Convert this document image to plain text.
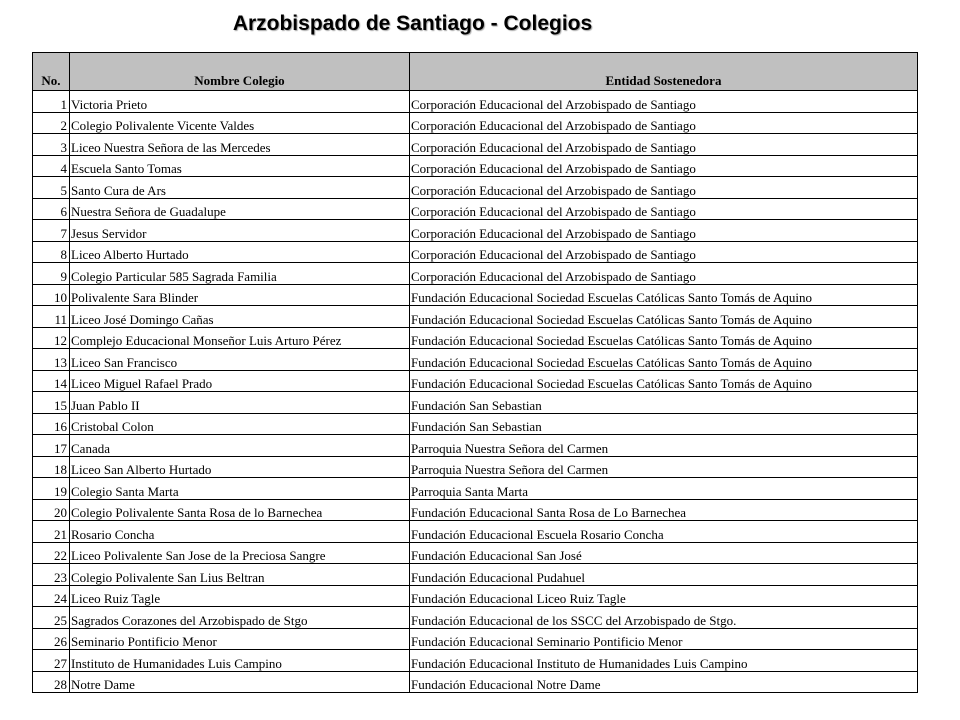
Arzobispado de Santiago - Colegios
No.	Nombre Colegio	Entidad Sostenedora
1	Victoria Prieto	Corporación Educacional del Arzobispado de Santiago
2	Colegio Polivalente Vicente Valdes	Corporación Educacional del Arzobispado de Santiago
3	Liceo Nuestra Señora de las Mercedes	Corporación Educacional del Arzobispado de Santiago
4	Escuela Santo Tomas	Corporación Educacional del Arzobispado de Santiago
5	Santo Cura de Ars	Corporación Educacional del Arzobispado de Santiago
6	Nuestra Señora de Guadalupe	Corporación Educacional del Arzobispado de Santiago
7	Jesus Servidor	Corporación Educacional del Arzobispado de Santiago
8	Liceo Alberto Hurtado	Corporación Educacional del Arzobispado de Santiago
9	Colegio Particular 585 Sagrada Familia	Corporación Educacional del Arzobispado de Santiago
10	Polivalente Sara Blinder	Fundación Educacional Sociedad Escuelas Católicas Santo Tomás de Aquino
11	Liceo José Domingo Cañas	Fundación Educacional Sociedad Escuelas Católicas Santo Tomás de Aquino
12	Complejo Educacional Monseñor Luis Arturo Pérez	Fundación Educacional Sociedad Escuelas Católicas Santo Tomás de Aquino
13	Liceo San Francisco	Fundación Educacional Sociedad Escuelas Católicas Santo Tomás de Aquino
14	Liceo Miguel Rafael Prado	Fundación Educacional Sociedad Escuelas Católicas Santo Tomás de Aquino
15	Juan Pablo II	Fundación San Sebastian
16	Cristobal Colon	Fundación San Sebastian
17	Canada	Parroquia Nuestra Señora del Carmen
18	Liceo San Alberto Hurtado	Parroquia Nuestra Señora del Carmen
19	Colegio Santa Marta	Parroquia Santa Marta
20	Colegio Polivalente Santa Rosa de lo Barnechea	Fundación Educacional Santa Rosa de Lo Barnechea
21	Rosario Concha	Fundación Educacional Escuela Rosario Concha
22	Liceo Polivalente San Jose de la Preciosa Sangre	Fundación Educacional San José
23	Colegio Polivalente San Lius Beltran	Fundación Educacional Pudahuel
24	Liceo Ruiz Tagle	Fundación Educacional Liceo Ruiz Tagle
25	Sagrados Corazones del Arzobispado de Stgo	Fundación Educacional de los SSCC del Arzobispado de Stgo.
26	Seminario Pontificio Menor	Fundación Educacional Seminario Pontificio Menor
27	Instituto de Humanidades Luis Campino	Fundación Educacional Instituto de Humanidades Luis Campino
28	Notre Dame	Fundación Educacional Notre Dame
